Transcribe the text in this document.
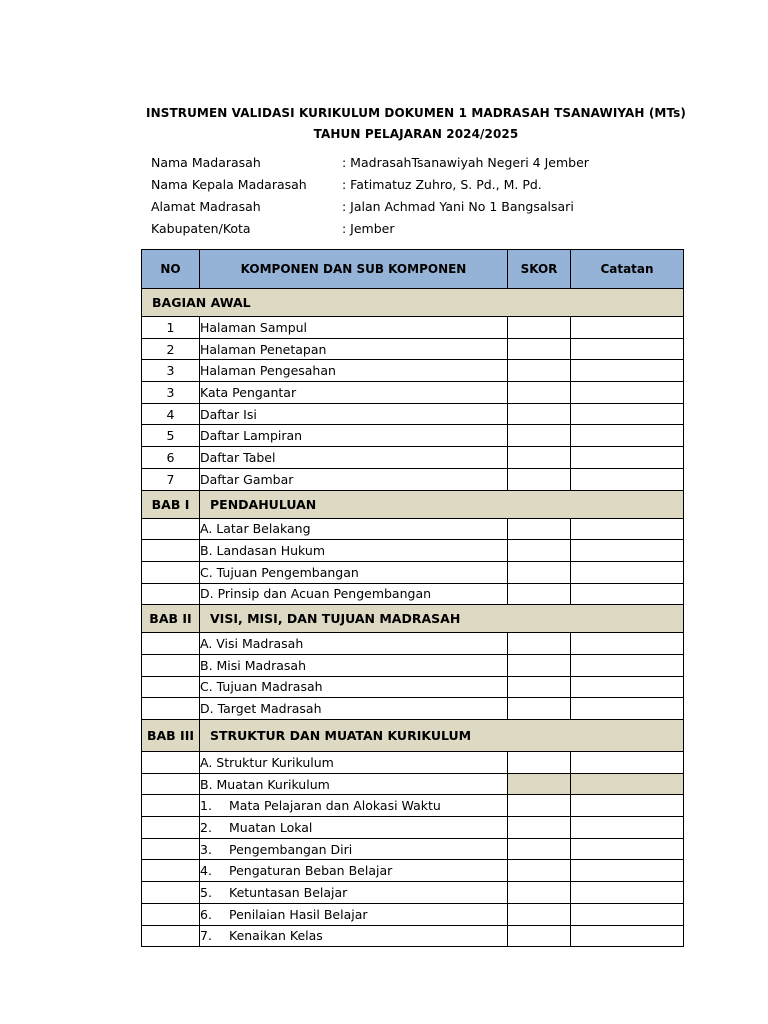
INSTRUMEN VALIDASI KURIKULUM DOKUMEN 1 MADRASAH TSANAWIYAH (MTs)
TAHUN PELAJARAN 2024/2025
Nama Madarasah	: MadrasahTsanawiyah Negeri 4 Jember
Nama Kepala Madarasah	: Fatimatuz Zuhro, S. Pd., M. Pd.
Alamat Madrasah	: Jalan Achmad Yani No 1 Bangsalsari
Kabupaten/Kota	: Jember
NO	KOMPONEN DAN SUB KOMPONEN	SKOR	Catatan
BAGIAN AWAL			
1	Halaman Sampul		
2	Halaman Penetapan		
3	Halaman Pengesahan		
3	Kata Pengantar		
4	Daftar Isi		
5	Daftar Lampiran		
6	Daftar Tabel		
7	Daftar Gambar		
BAB I	PENDAHULUAN		
	A. Latar Belakang		
	B. Landasan Hukum		
	C. Tujuan Pengembangan		
	D. Prinsip dan Acuan Pengembangan		
BAB II	VISI, MISI, DAN TUJUAN MADRASAH		
	A. Visi Madrasah		
	B. Misi Madrasah		
	C. Tujuan Madrasah		
	D. Target Madrasah		
BAB III	STRUKTUR DAN MUATAN KURIKULUM		
	A. Struktur Kurikulum		
	B. Muatan Kurikulum		
	1. Mata Pelajaran dan Alokasi Waktu		
	2. Muatan Lokal		
	3. Pengembangan Diri		
	4. Pengaturan Beban Belajar		
	5. Ketuntasan Belajar		
	6. Penilaian Hasil Belajar		
	7. Kenaikan Kelas		
